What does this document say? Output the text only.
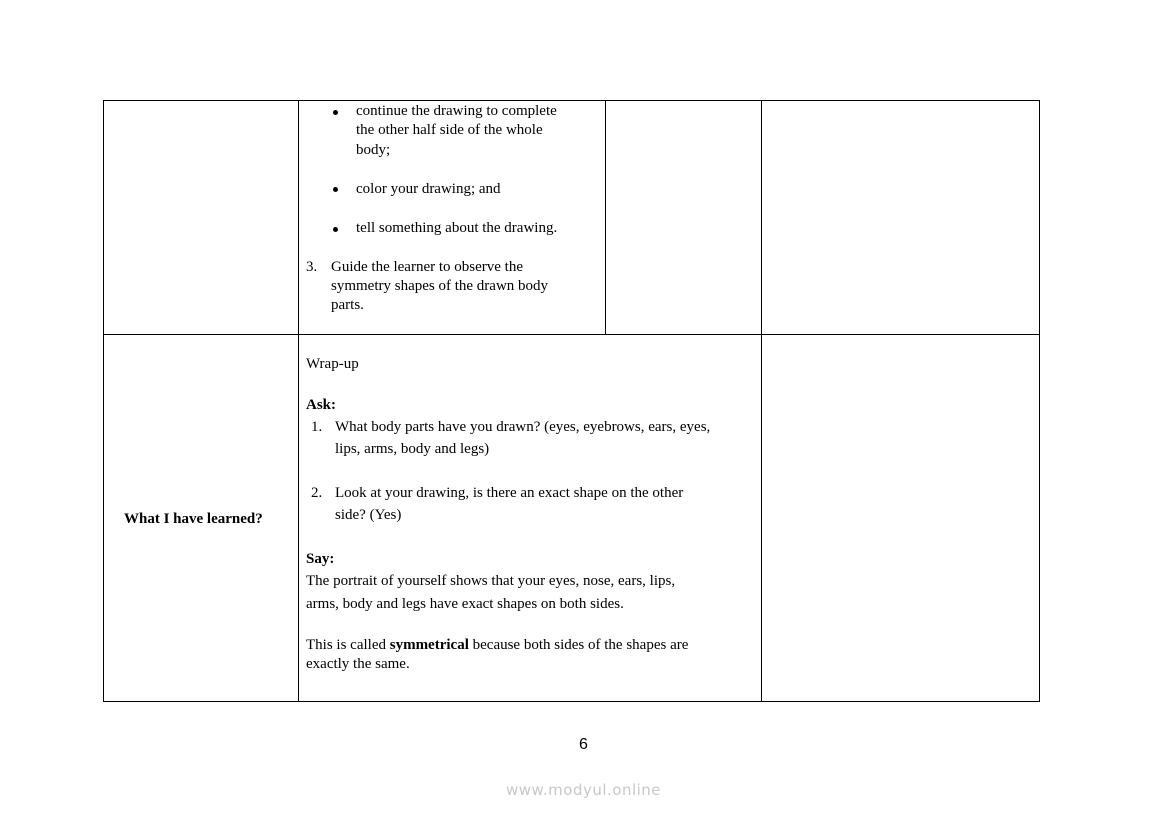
continue the drawing to complete
the other half side of the whole
body;
color your drawing; and
tell something about the drawing.
3. Guide the learner to observe the
symmetry shapes of the drawn body
parts.
What I have learned?
Wrap-up
Ask:
1. What body parts have you drawn? (eyes, eyebrows, ears, eyes,
lips, arms, body and legs)
2. Look at your drawing, is there an exact shape on the other
side? (Yes)
Say:
The portrait of yourself shows that your eyes, nose, ears, lips,
arms, body and legs have exact shapes on both sides.
This is called symmetrical because both sides of the shapes are
exactly the same.
6
www.modyul.online
